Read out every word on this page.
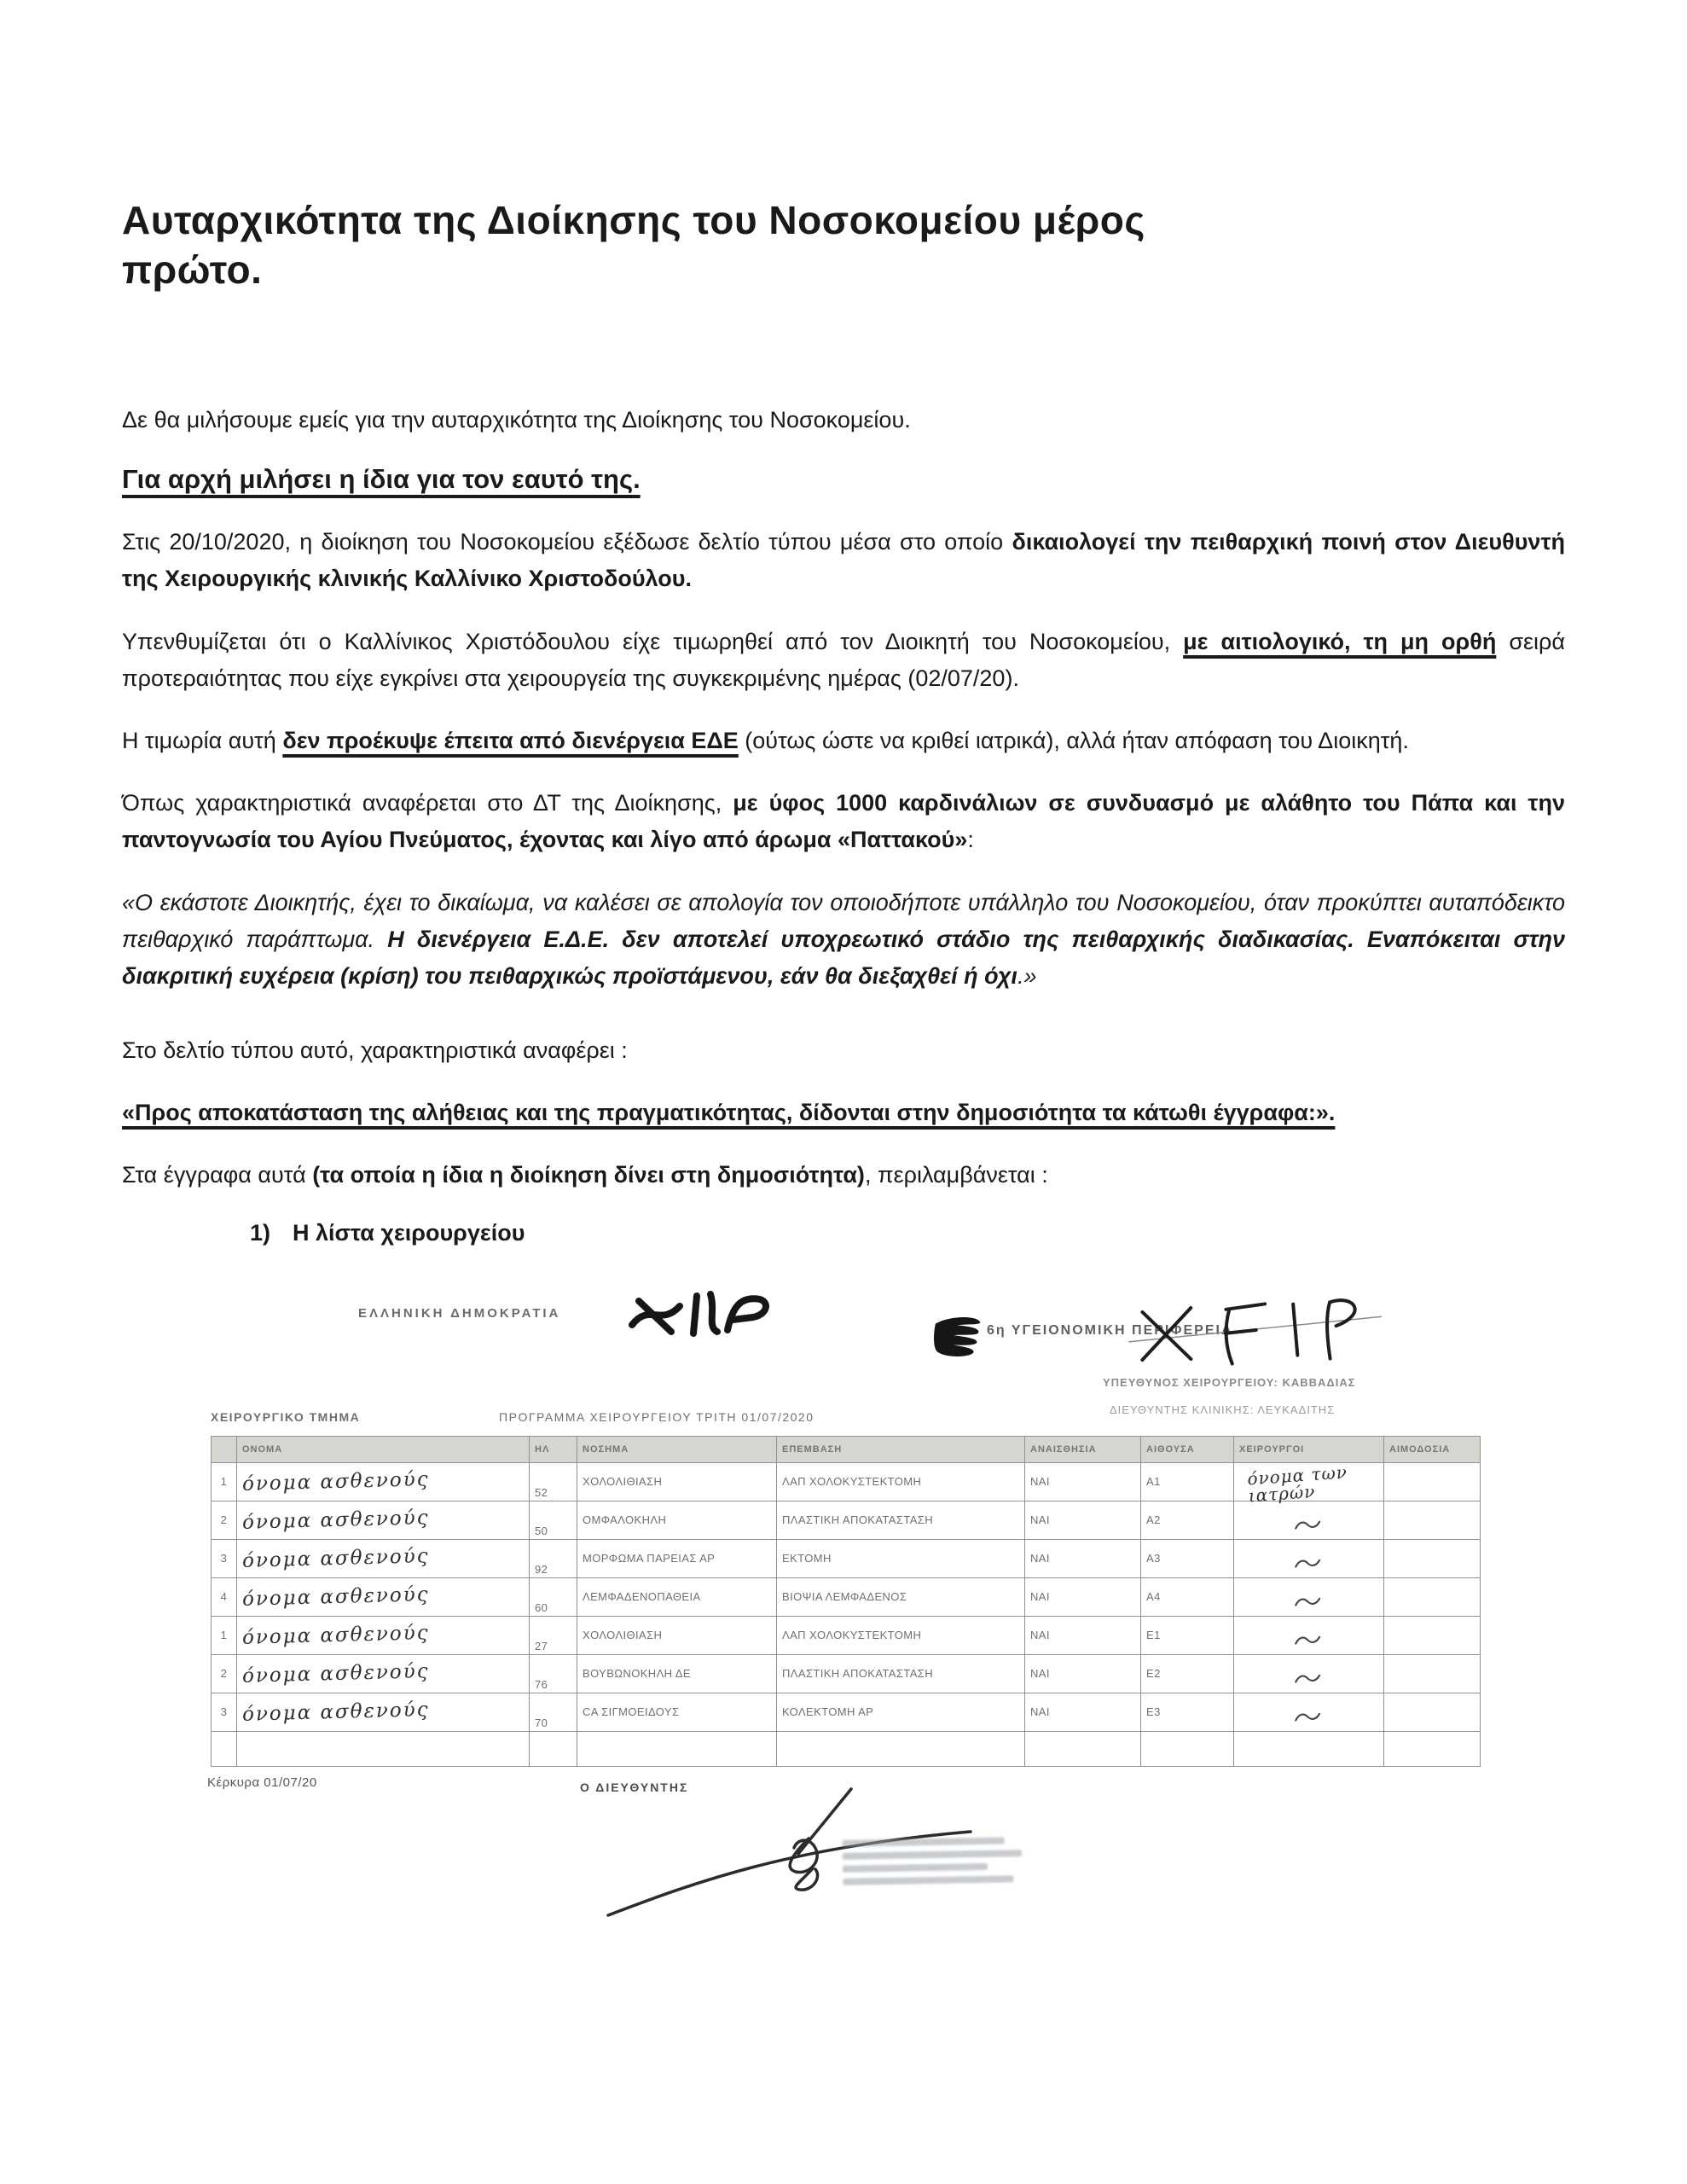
Αυταρχικότητα της Διοίκησης του Νοσοκομείου μέρος πρώτο.

Δε θα μιλήσουμε εμείς για την αυταρχικότητα της Διοίκησης του Νοσοκομείου.

Για αρχή μιλήσει η ίδια για τον εαυτό της.

Στις 20/10/2020, η διοίκηση του Νοσοκομείου εξέδωσε δελτίο τύπου μέσα στο οποίο δικαιολογεί την πειθαρχική ποινή στον Διευθυντή της Χειρουργικής κλινικής Καλλίνικο Χριστοδούλου.

Υπενθυμίζεται ότι ο Καλλίνικος Χριστόδουλου είχε τιμωρηθεί από τον Διοικητή του Νοσοκομείου, με αιτιολογικό, τη μη ορθή σειρά προτεραιότητας που είχε εγκρίνει στα χειρουργεία της συγκεκριμένης ημέρας (02/07/20).

Η τιμωρία αυτή δεν προέκυψε έπειτα από διενέργεια ΕΔΕ (ούτως ώστε να κριθεί ιατρικά), αλλά ήταν απόφαση του Διοικητή.

Όπως χαρακτηριστικά αναφέρεται στο ΔΤ της Διοίκησης, με ύφος 1000 καρδινάλιων σε συνδυασμό με αλάθητο του Πάπα και την παντογνωσία του Αγίου Πνεύματος, έχοντας και λίγο από άρωμα «Παττακού»:

«Ο εκάστοτε Διοικητής, έχει το δικαίωμα, να καλέσει σε απολογία τον οποιοδήποτε υπάλληλο του Νοσοκομείου, όταν προκύπτει αυταπόδεικτο πειθαρχικό παράπτωμα. Η διενέργεια Ε.Δ.Ε. δεν αποτελεί υποχρεωτικό στάδιο της πειθαρχικής διαδικασίας. Εναπόκειται στην διακριτική ευχέρεια (κρίση) του πειθαρχικώς προϊστάμενου, εάν θα διεξαχθεί ή όχι.»

Στο δελτίο τύπου αυτό, χαρακτηριστικά αναφέρει :

«Προς αποκατάσταση της αλήθειας και της πραγματικότητας, δίδονται στην δημοσιότητα τα κάτωθι έγγραφα:».

Στα έγγραφα αυτά (τα οποία η ίδια η διοίκηση δίνει στη δημοσιότητα), περιλαμβάνεται :

1) Η λίστα χειρουργείου
ΕΛΛΗΝΙΚΗ ΔΗΜΟΚΡΑΤΙΑ
6η ΥΓΕΙΟΝΟΜΙΚΗ ΠΕΡΙΦΕΡΕΙΑ
ΥΠΕΥΘΥΝΟΣ ΧΕΙΡΟΥΡΓΕΙΟΥ: ΚΑΒΒΑΔΙΑΣ
ΔΙΕΥΘΥΝΤΗΣ ΚΛΙΝΙΚΗΣ: ΛΕΥΚΑΔΙΤΗΣ
ΧΕΙΡΟΥΡΓΙΚΟ ΤΜΗΜΑ	ΠΡΟΓΡΑΜΜΑ ΧΕΙΡΟΥΡΓΕΙΟΥ ΤΡΙΤΗ 01/07/2020
	ΟΝΟΜΑ	ΗΛ	ΝΟΣΗΜΑ	ΕΠΕΜΒΑΣΗ	ΑΝΑΙΣΘΗΣΙΑ	ΑΙΘΟΥΣΑ	ΧΕΙΡΟΥΡΓΟΙ	ΑΙΜΟΔΟΣΙΑ
1	όνομα ασθενούς	52	ΧΟΛΟΛΙΘΙΑΣΗ	ΛΑΠ ΧΟΛΟΚΥΣΤΕΚΤΟΜΗ	ΝΑΙ	Α1	όνομα των ιατρών	

2	όνομα ασθενούς	50	ΟΜΦΑΛΟΚΗΛΗ	ΠΛΑΣΤΙΚΗ ΑΠΟΚΑΤΑΣΤΑΣΗ	ΝΑΙ	Α2	

3	όνομα ασθενούς	92	ΜΟΡΦΩΜΑ ΠΑΡΕΙΑΣ ΑΡ	ΕΚΤΟΜΗ	ΝΑΙ	Α3	

4	όνομα ασθενούς	60	ΛΕΜΦΑΔΕΝΟΠΑΘΕΙΑ	ΒΙΟΨΙΑ ΛΕΜΦΑΔΕΝΟΣ	ΝΑΙ	Α4	

1	όνομα ασθενούς	27	ΧΟΛΟΛΙΘΙΑΣΗ	ΛΑΠ ΧΟΛΟΚΥΣΤΕΚΤΟΜΗ	ΝΑΙ	Ε1	

2	όνομα ασθενούς	76	ΒΟΥΒΩΝΟΚΗΛΗ ΔΕ	ΠΛΑΣΤΙΚΗ ΑΠΟΚΑΤΑΣΤΑΣΗ	ΝΑΙ	Ε2	

3	όνομα ασθενούς	70	CA ΣΙΓΜΟΕΙΔΟΥΣ	ΚΟΛΕΚΤΟΜΗ ΑΡ	ΝΑΙ	Ε3	

Κέρκυρα 01/07/20	Ο ΔΙΕΥΘΥΝΤΗΣ
